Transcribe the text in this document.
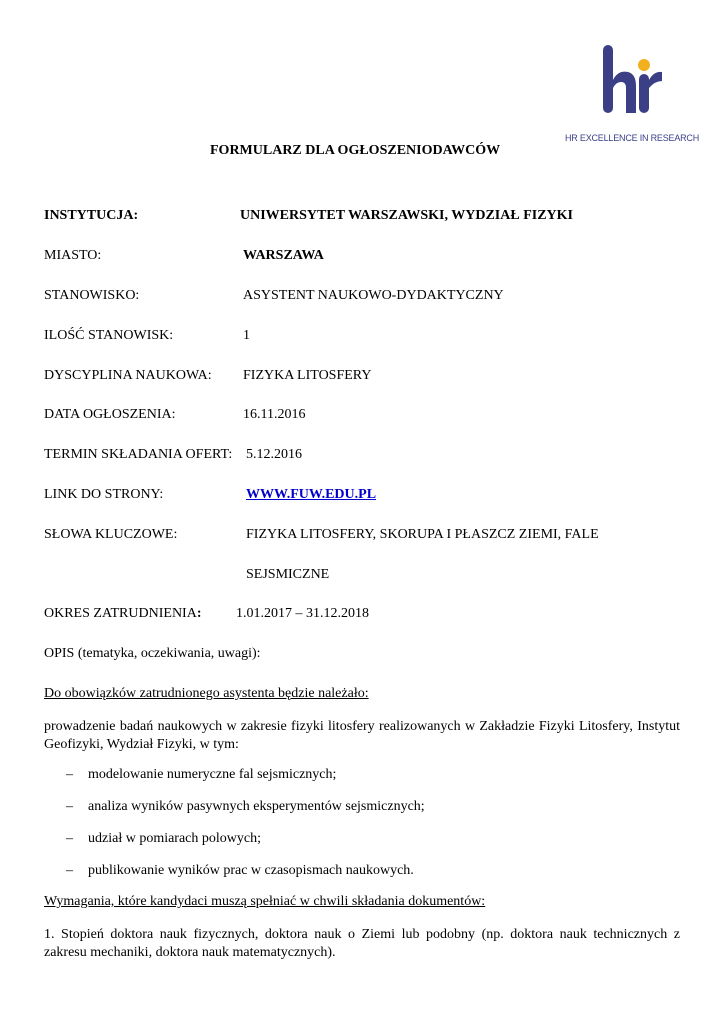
HR EXCELLENCE IN RESEARCH
FORMULARZ DLA OGŁOSZENIODAWCÓW
INSTYTUCJA:	UNIWERSYTET WARSZAWSKI, WYDZIAŁ FIZYKI
MIASTO:	WARSZAWA
STANOWISKO:	ASYSTENT NAUKOWO-DYDAKTYCZNY
ILOŚĆ STANOWISK:	1
DYSCYPLINA NAUKOWA: FIZYKA LITOSFERY
DATA OGŁOSZENIA:	16.11.2016
TERMIN SKŁADANIA OFERT: 5.12.2016
LINK DO STRONY:	WWW.FUW.EDU.PL
SŁOWA KLUCZOWE:	FIZYKA LITOSFERY, SKORUPA I PŁASZCZ ZIEMI, FALE
SEJSMICZNE
OKRES ZATRUDNIENIA: 1.01.2017 – 31.12.2018
OPIS (tematyka, oczekiwania, uwagi):
Do obowiązków zatrudnionego asystenta będzie należało:
prowadzenie badań naukowych w zakresie fizyki litosfery realizowanych w Zakładzie Fizyki Litosfery, Instytut Geofizyki, Wydział Fizyki, w tym:
– modelowanie numeryczne fal sejsmicznych;
– analiza wyników pasywnych eksperymentów sejsmicznych;
– udział w pomiarach polowych;
– publikowanie wyników prac w czasopismach naukowych.
Wymagania, które kandydaci muszą spełniać w chwili składania dokumentów:
1. Stopień doktora nauk fizycznych, doktora nauk o Ziemi lub podobny (np. doktora nauk technicznych z zakresu mechaniki, doktora nauk matematycznych).
